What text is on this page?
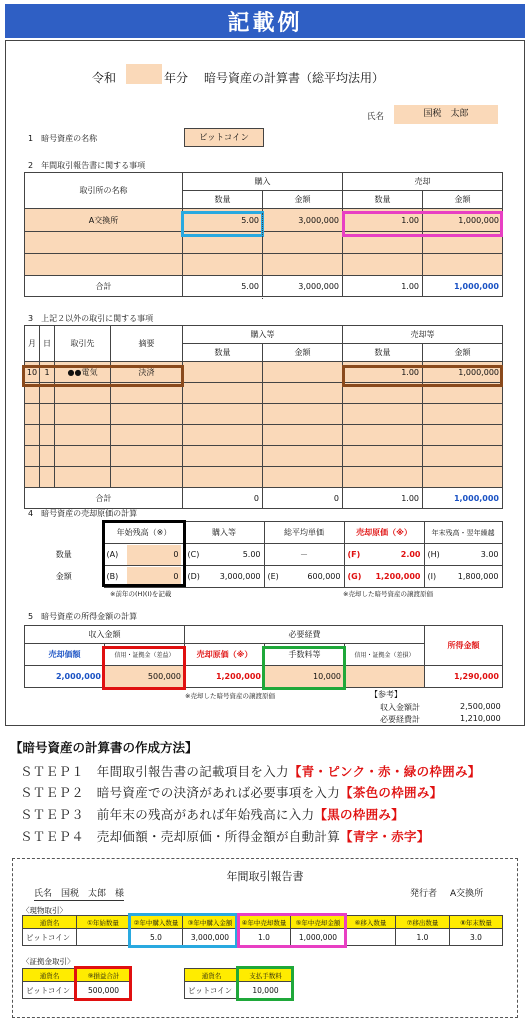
記載例
令和	年分 暗号資産の計算書（総平均法用）
氏名	国税　太郎
1　暗号資産の名称	ビットコイン
2　年間取引報告書に関する事項
取引所の名称	購入		売却	
	数量	金額	数量	金額
A交換所	5.00	3,000,000	1.00	1,000,000

合計	5.00	3,000,000	1.00	1,000,000
3　上記２以外の取引に関する事項
月	日	取引先	摘要	購入等		売却等	
				数量	金額	数量	金額
10	1	●●電気	決済			1.00	1,000,000

合計				0	0	1.00	1,000,000
4　暗号資産の売却原価の計算
	年始残高（※）	購入等	総平均単価	売却原価（※）	年末残高・翌年繰越
数量	(A) 0	(C) 5.00	－	(F) 2.00	(H) 3.00
金額	(B) 0	(D) 3,000,000	(E) 600,000	(G) 1,200,000	(I) 1,800,000
※前年の(H)(I)を記載	※売却した暗号資産の譲渡原価
5　暗号資産の所得金額の計算
収入金額		必要経費			所得金額
売却価額	信用・証拠金（差益）	売却原価（※）	手数料等	信用・証拠金（差損）	
2,000,000	500,000	1,200,000	10,000		1,290,000
※売却した暗号資産の譲渡原価	【参考】
収入金額計	2,500,000
必要経費計	1,210,000
【暗号資産の計算書の作成方法】
ＳＴＥＰ１　年間取引報告書の記載項目を入力【青・ピンク・赤・緑の枠囲み】
ＳＴＥＰ２　暗号資産での決済があれば必要事項を入力【茶色の枠囲み】
ＳＴＥＰ３　前年末の残高があれば年始残高に入力【黒の枠囲み】
ＳＴＥＰ４　売却価額・売却原価・所得金額が自動計算【青字・赤字】
年間取引報告書
氏名　国税　太郎　様	発行者 A交換所
〈現物取引〉
通貨名	①年始数量	②年中購入数量	③年中購入金額	④年中売却数量	⑤年中売却金額	⑥移入数量	⑦移出数量	⑧年末数量
ビットコイン		5.0	3,000,000	1.0	1,000,000		1.0	3.0
〈証拠金取引〉
通貨名	⑨損益合計
ビットコイン	500,000
通貨名	支払手数料
ビットコイン	10,000
